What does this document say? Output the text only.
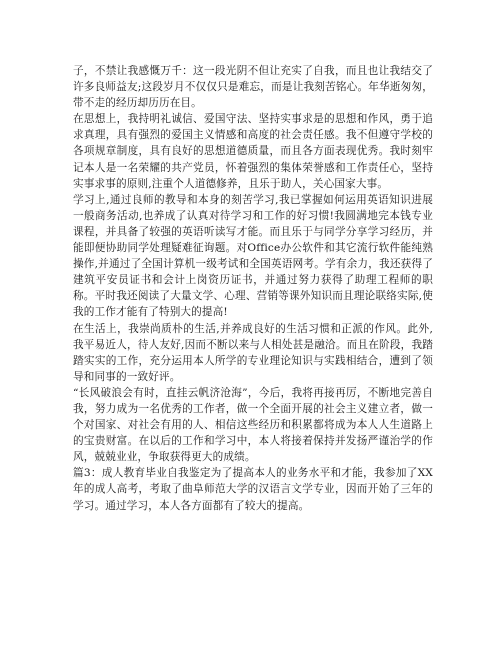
子，不禁让我感慨万千：这一段光阴不但让充实了自我，而且也让我结交了许多良师益友;这段岁月不仅仅只是难忘，而是让我刻苦铭心。年华逝匆匆，带不走的经历却历历在目。

在思想上，我持明礼诚信、爱国守法、坚持实事求是的思想和作风，勇于追求真理，具有强烈的爱国主义情感和高度的社会责任感。我不但遵守学校的各项规章制度，具有良好的思想道德质量，而且各方面表现优秀。我时刻牢记本人是一名荣耀的共产党员，怀着强烈的集体荣誉感和工作责任心，坚持实事求事的原则,注重个人道德修养，且乐于助人，关心国家大事。

学习上,通过良师的教导和本身的刻苦学习,我已掌握如何运用英语知识进展一般商务活动,也养成了认真对待学习和工作的好习惯!我圆满地完本钱专业课程，并具备了较强的英语听读写才能。而且乐于与同学分享学习经历，并能即便协助同学处理疑难征询题。对Office办公软件和其它流行软件能纯熟操作,并通过了全国计算机一级考试和全国英语网考。学有余力，我还获得了建筑平安员证书和会计上岗资历证书，并通过努力获得了助理工程师的职称。平时我还阅读了大量文学、心理、营销等课外知识而且理论联络实际,使我的工作才能有了特别大的提高!

在生活上，我崇尚质朴的生活,并养成良好的生活习惯和正派的作风。此外,我平易近人，待人友好,因而不断以来与人相处甚是融洽。而且在阶段，我踏踏实实的工作，充分运用本人所学的专业理论知识与实践相结合，遭到了领导和同事的一致好评。

“长风破浪会有时，直挂云帆济沧海”，今后，我将再接再厉，不断地完善自我，努力成为一名优秀的工作者，做一个全面开展的社会主义建立者，做一个对国家、对社会有用的人、相信这些经历和积累都将成为本人人生道路上的宝贵财富。在以后的工作和学习中，本人将接着保持并发扬严谨治学的作风，兢兢业业，争取获得更大的成绩。

篇3：成人教育毕业自我鉴定为了提高本人的业务水平和才能，我参加了XX年的成人高考，考取了曲阜师范大学的汉语言文学专业，因而开始了三年的学习。通过学习，本人各方面都有了较大的提高。
